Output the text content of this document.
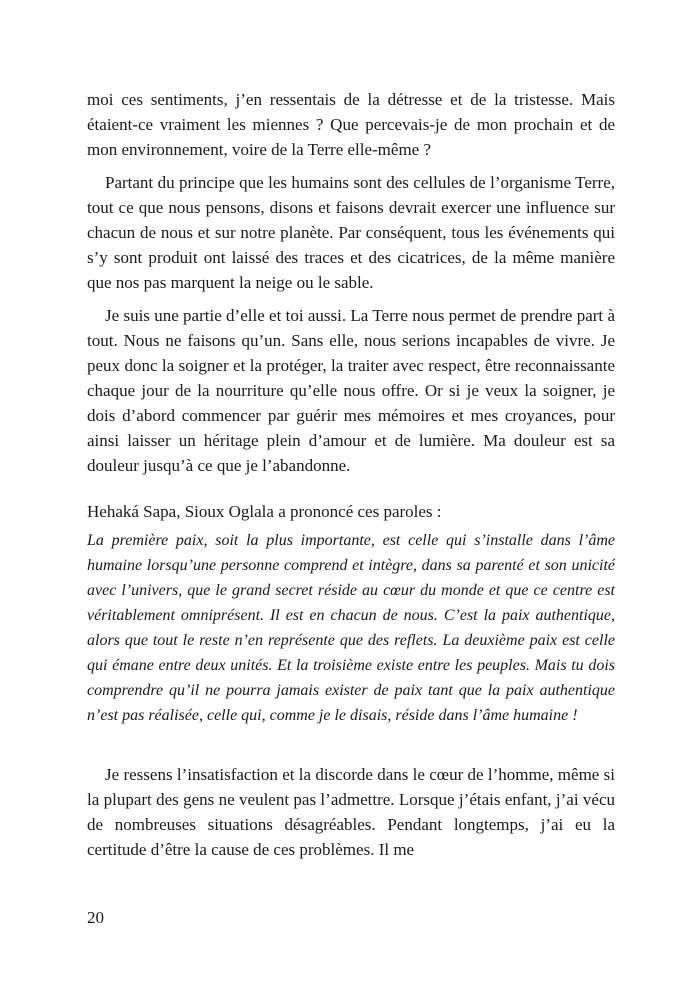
moi ces sentiments, j’en ressentais de la détresse et de la tristesse. Mais étaient-ce vraiment les miennes ? Que percevais-je de mon prochain et de mon environnement, voire de la Terre elle-même ?

Partant du principe que les humains sont des cellules de l’organisme Terre, tout ce que nous pensons, disons et faisons devrait exercer une influence sur chacun de nous et sur notre planète. Par conséquent, tous les événements qui s’y sont produit ont laissé des traces et des cicatrices, de la même manière que nos pas marquent la neige ou le sable.

Je suis une partie d’elle et toi aussi. La Terre nous permet de prendre part à tout. Nous ne faisons qu’un. Sans elle, nous serions incapables de vivre. Je peux donc la soigner et la protéger, la traiter avec respect, être reconnaissante chaque jour de la nourriture qu’elle nous offre. Or si je veux la soigner, je dois d’abord commencer par guérir mes mémoires et mes croyances, pour ainsi laisser un héritage plein d’amour et de lumière. Ma douleur est sa douleur jusqu’à ce que je l’abandonne.

Hehaká Sapa, Sioux Oglala a prononcé ces paroles :

La première paix, soit la plus importante, est celle qui s’installe dans l’âme humaine lorsqu’une personne comprend et intègre, dans sa parenté et son unicité avec l’univers, que le grand secret réside au cœur du monde et que ce centre est véritablement omniprésent. Il est en chacun de nous. C’est la paix authentique, alors que tout le reste n’en représente que des reflets. La deuxième paix est celle qui émane entre deux unités. Et la troisième existe entre les peuples. Mais tu dois comprendre qu’il ne pourra jamais exister de paix tant que la paix authentique n’est pas réalisée, celle qui, comme je le disais, réside dans l’âme humaine !

Je ressens l’insatisfaction et la discorde dans le cœur de l’homme, même si la plupart des gens ne veulent pas l’admettre. Lorsque j’étais enfant, j’ai vécu de nombreuses situations désagréables. Pendant longtemps, j’ai eu la certitude d’être la cause de ces problèmes. Il me

20
